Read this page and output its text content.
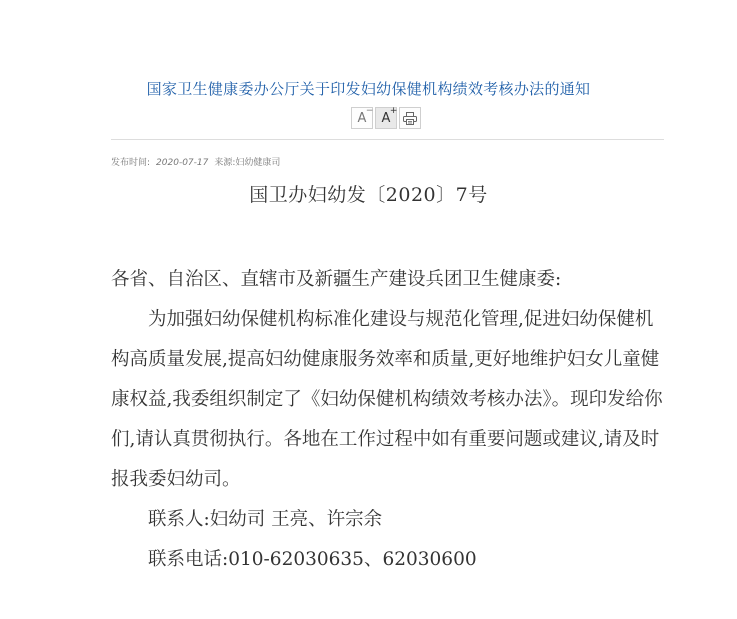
国家卫生健康委办公厅关于印发妇幼保健机构绩效考核办法的通知
A − A +
发布时间: 2020-07-17 来源:妇幼健康司
国卫办妇幼发〔2020〕7号

各省、自治区、直辖市及新疆生产建设兵团卫生健康委:

为加强妇幼保健机构标准化建设与规范化管理,促进妇幼保健机构高质量发展,提高妇幼健康服务效率和质量,更好地维护妇女儿童健康权益,我委组织制定了《妇幼保健机构绩效考核办法》。现印发给你们,请认真贯彻执行。各地在工作过程中如有重要问题或建议,请及时报我委妇幼司。

联系人:妇幼司 王亮、许宗余

联系电话:010-62030635、62030600
